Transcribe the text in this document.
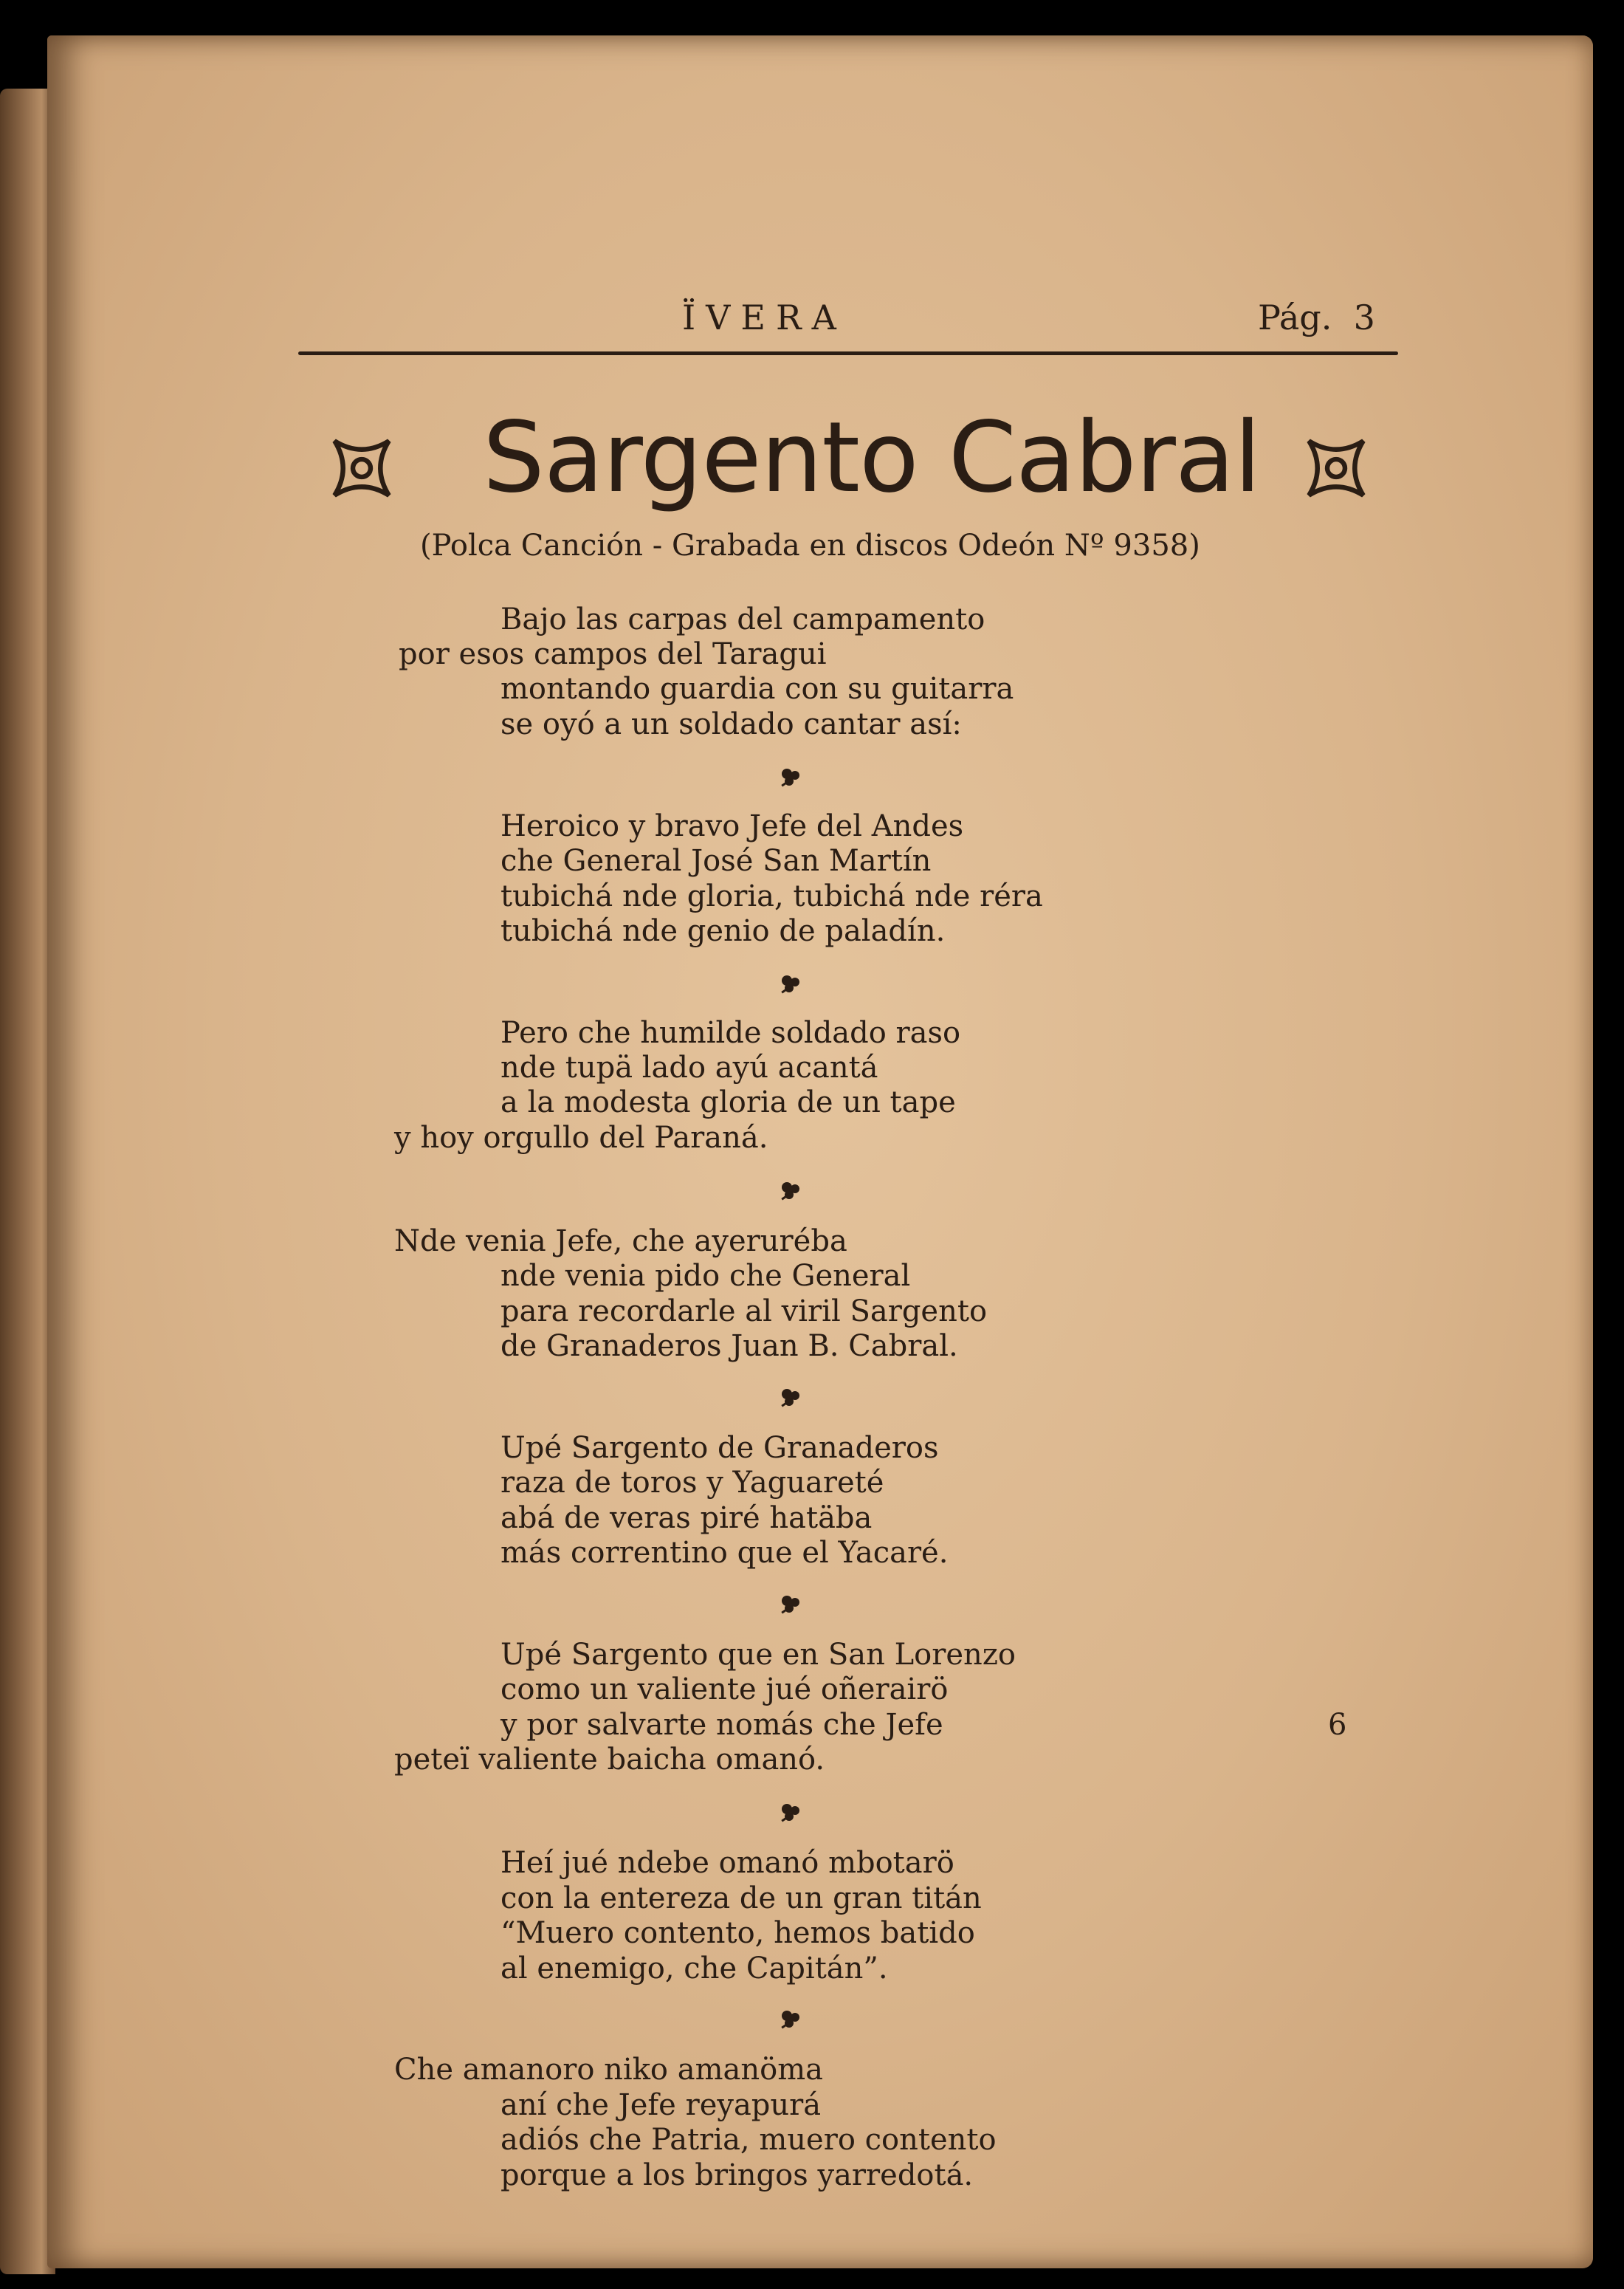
ÏVERA	Pág.  3
Sargento Cabral
(Polca Canción - Grabada en discos Odeón Nº 9358)
Bajo las carpas del campamento
por esos campos del Taragui
montando guardia con su guitarra
se oyó a un soldado cantar así:
Heroico y bravo Jefe del Andes
che General José San Martín
tubichá nde gloria, tubichá nde réra
tubichá nde genio de paladín.
Pero che humilde soldado raso
nde tupä lado ayú acantá
a la modesta gloria de un tape
y hoy orgullo del Paraná.
Nde venia Jefe, che ayeruréba
nde venia pido che General
para recordarle al viril Sargento
de Granaderos Juan B. Cabral.
Upé Sargento de Granaderos
raza de toros y Yaguareté
abá de veras piré hatäba
más correntino que el Yacaré.
Upé Sargento que en San Lorenzo
como un valiente jué oñerairö
y por salvarte nomás che Jefe
peteï valiente baicha omanó.
6
Heí jué ndebe omanó mbotarö
con la entereza de un gran titán
“Muero contento, hemos batido
al enemigo, che Capitán”.
Che amanoro niko amanöma
aní che Jefe reyapurá
adiós che Patria, muero contento
porque a los bringos yarredotá.
